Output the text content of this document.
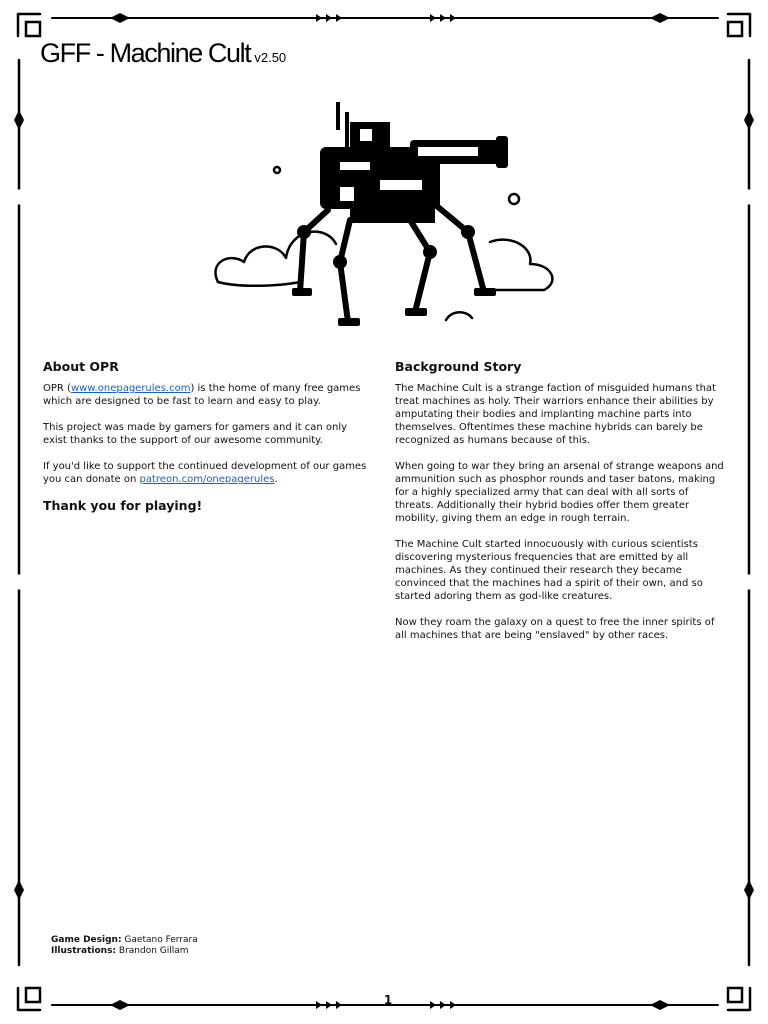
GFF - Machine Cult v2.50
About OPR

OPR (www.onepagerules.com) is the home of many free games which are designed to be fast to learn and easy to play.

This project was made by gamers for gamers and it can only exist thanks to the support of our awesome community.

If you'd like to support the continued development of our games you can donate on patreon.com/onepagerules.

Thank you for playing!
Background Story

The Machine Cult is a strange faction of misguided humans that treat machines as holy. Their warriors enhance their abilities by amputating their bodies and implanting machine parts into themselves. Oftentimes these machine hybrids can barely be recognized as humans because of this.

When going to war they bring an arsenal of strange weapons and ammunition such as phosphor rounds and taser batons, making for a highly specialized army that can deal with all sorts of threats. Additionally their hybrid bodies offer them greater mobility, giving them an edge in rough terrain.

The Machine Cult started innocuously with curious scientists discovering mysterious frequencies that are emitted by all machines. As they continued their research they became convinced that the machines had a spirit of their own, and so started adoring them as god-like creatures.

Now they roam the galaxy on a quest to free the inner spirits of all machines that are being "enslaved" by other races.

Game Design: Gaetano Ferrara
Illustrations: Brandon Gillam
1
